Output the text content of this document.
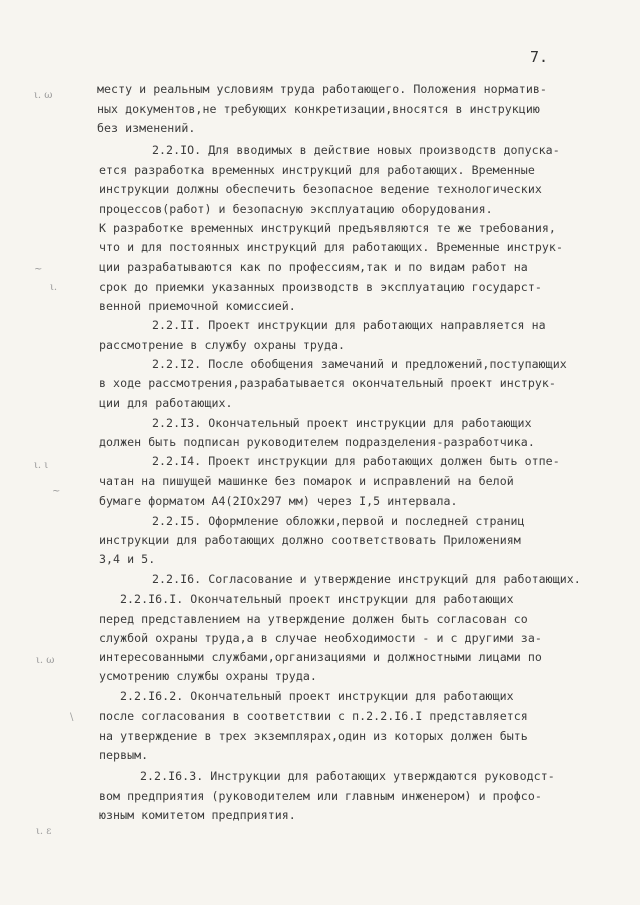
7.
ι. ω
~
ι.
ι. ι
~
ι. ω
\
ι. ε
месту и реальным условиям труда работающего. Положения норматив-
ных документов,не требующих конкретизации,вносятся в инструкцию
без изменений.
2.2.IO. Для вводимых в действие новых производств допуска-
ется разработка временных инструкций для работающих. Временные
инструкции должны обеспечить безопасное ведение технологических
процессов(работ) и безопасную эксплуатацию оборудования.
К разработке временных инструкций предъявляются те же требования,
что и для постоянных инструкций для работающих. Временные инструк-
ции разрабатываются как по профессиям,так и по видам работ на
срок до приемки указанных производств в эксплуатацию государст-
венной приемочной комиссией.
2.2.II. Проект инструкции для работающих направляется на
рассмотрение в службу охраны труда.
2.2.I2. После обобщения замечаний и предложений,поступающих
в ходе рассмотрения,разрабатывается окончательный проект инструк-
ции для работающих.
2.2.I3. Окончательный проект инструкции для работающих
должен быть подписан руководителем подразделения-разработчика.
2.2.I4. Проект инструкции для работающих должен быть отпе-
чатан на пишущей машинке без помарок и исправлений на белой
бумаге форматом А4(2IOx297 мм) через I,5 интервала.
2.2.I5. Оформление обложки,первой и последней страниц
инструкции для работающих должно соответствовать Приложениям
3,4 и 5.
2.2.I6. Согласование и утверждение инструкций для работающих.
2.2.I6.I. Окончательный проект инструкции для работающих
перед представлением на утверждение должен быть согласован со
службой охраны труда,а в случае необходимости - и с другими за-
интересованными службами,организациями и должностными лицами по
усмотрению службы охраны труда.
2.2.I6.2. Окончательный проект инструкции для работающих
после согласования в соответствии с п.2.2.I6.I представляется
на утверждение в трех экземплярах,один из которых должен быть
первым.
2.2.I6.3. Инструкции для работающих утверждаются руководст-
вом предприятия (руководителем или главным инженером) и профсо-
юзным комитетом предприятия.
